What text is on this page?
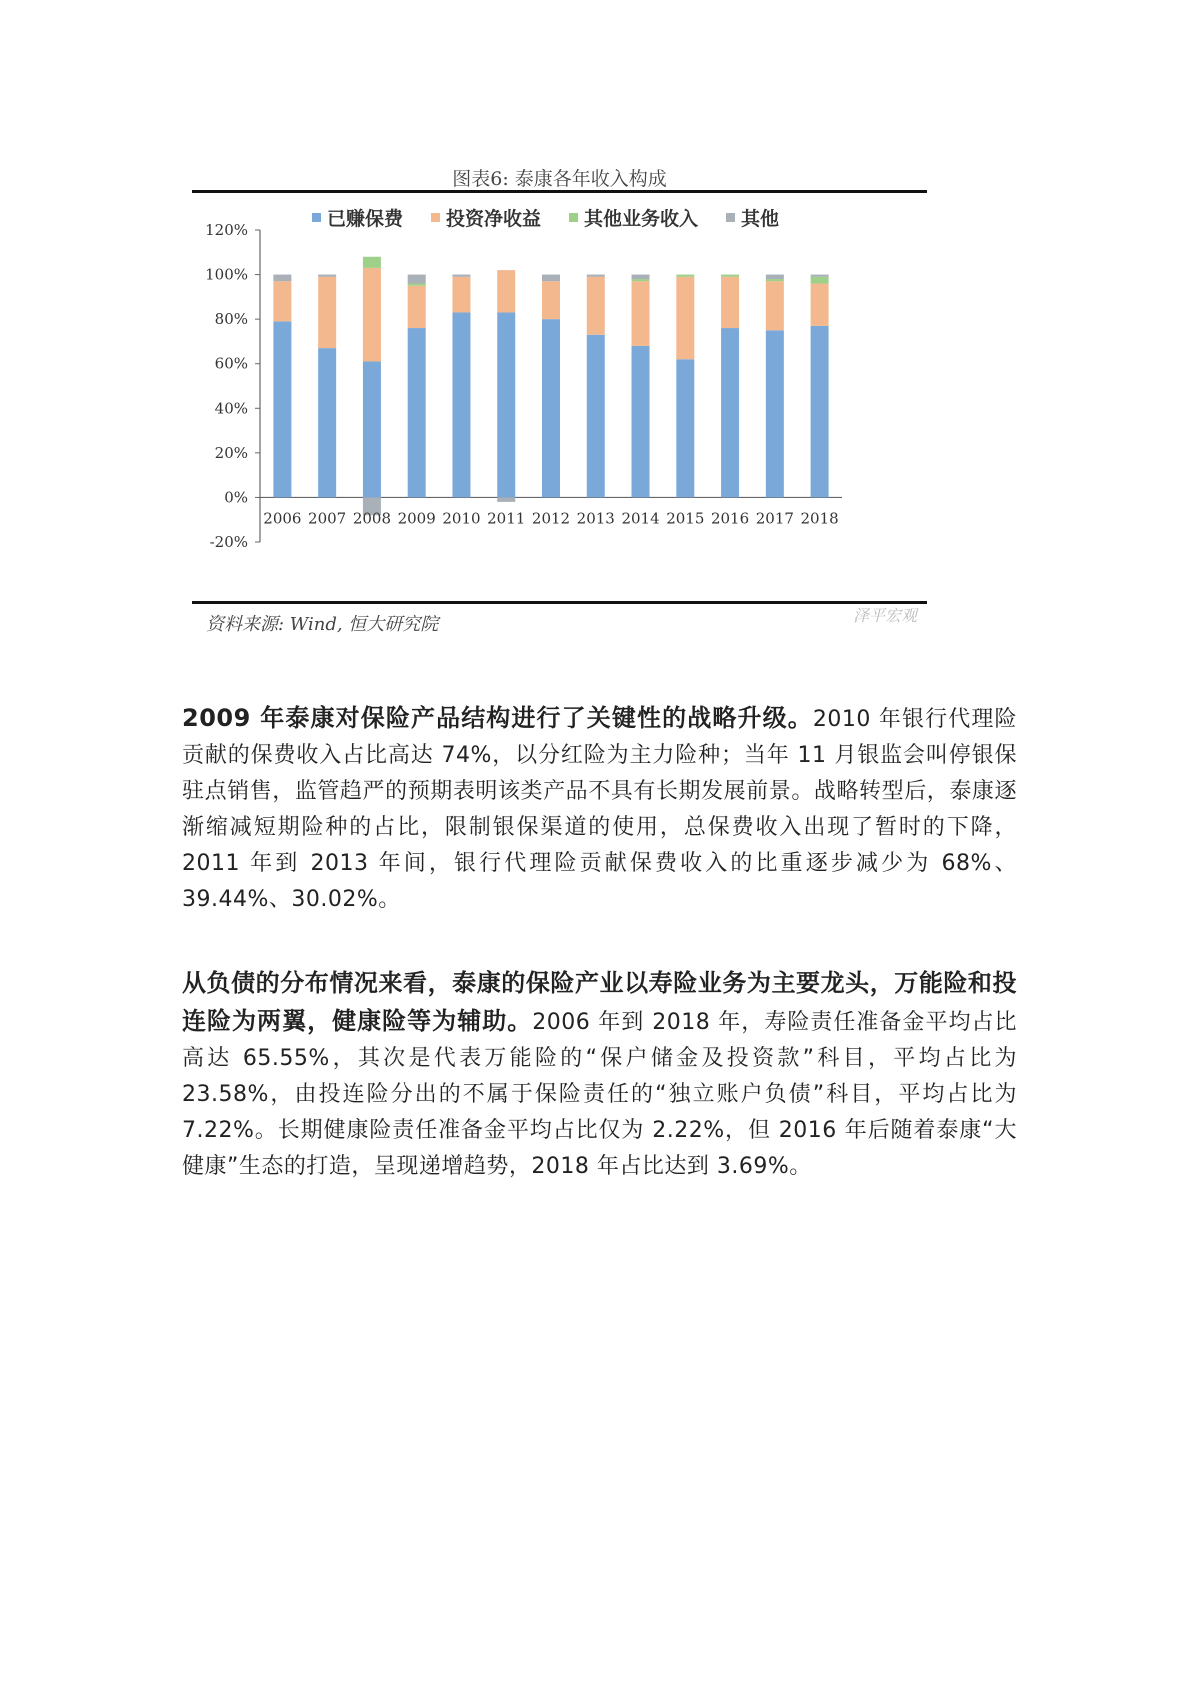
图表6: 泰康各年收入构成
已赚保费 投资净收益 其他业务收入 其他
120%
100%
80%
60%
40%
20%
0%
-20%
2006 2007 2008 2009 2010 2011 2012 2013 2014 2015 2016 2017 2018
资料来源: Wind, 恒大研究院	泽平宏观
2009 年泰康对保险产品结构进行了关键性的战略升级。2010 年银行代理险贡献的保费收入占比高达 74%，以分红险为主力险种；当年 11 月银监会叫停银保驻点销售，监管趋严的预期表明该类产品不具有长期发展前景。战略转型后，泰康逐渐缩减短期险种的占比，限制银保渠道的使用，总保费收入出现了暂时的下降，2011 年到 2013 年间，银行代理险贡献保费收入的比重逐步减少为 68%、39.44%、30.02%。
从负债的分布情况来看，泰康的保险产业以寿险业务为主要龙头，万能险和投连险为两翼，健康险等为辅助。2006 年到 2018 年，寿险责任准备金平均占比高达 65.55%，其次是代表万能险的“保户储金及投资款”科目，平均占比为 23.58%，由投连险分出的不属于保险责任的“独立账户负债”科目，平均占比为 7.22%。长期健康险责任准备金平均占比仅为 2.22%，但 2016 年后随着泰康“大健康”生态的打造，呈现递增趋势，2018 年占比达到 3.69%。
